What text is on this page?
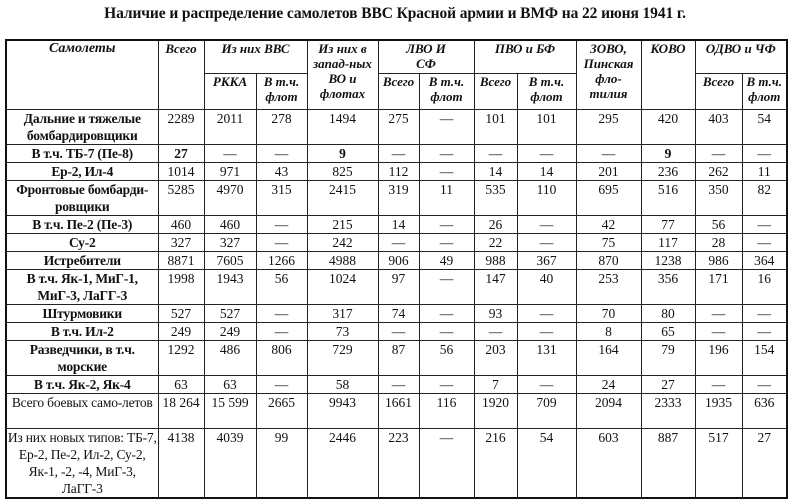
Наличие и распределение самолетов ВВС Красной армии и ВМФ на 22 июня 1941 г.
Самолеты	Всего	Из них ВВС		Из них в запад-ных ВО и флотах	ЛВО И СФ		ПВО и БФ		ЗОВО, Пинская фло-тилия	КОВО	ОДВО и ЧФ	
		РККА	В т.ч. флот		Всего	В т.ч. флот	Всего	В т.ч. флот			Всего	В т.ч. флот
Дальние и тяжелые бомбардировщики	2289	2011	278	1494	275	—	101	101	295	420	403	54
В т.ч. ТБ-7 (Пе-8)	27	—	—	9	—	—	—	—	—	9	—	—
Ер-2, Ил-4	1014	971	43	825	112	—	14	14	201	236	262	11
Фронтовые бомбарди-ровщики	5285	4970	315	2415	319	11	535	110	695	516	350	82
В т.ч. Пе-2 (Пе-3)	460	460	—	215	14	—	26	—	42	77	56	—
Су-2	327	327	—	242	—	—	22	—	75	117	28	—
Истребители	8871	7605	1266	4988	906	49	988	367	870	1238	986	364
В т.ч. Як-1, МиГ-1, МиГ-3, ЛаГГ-3	1998	1943	56	1024	97	—	147	40	253	356	171	16
Штурмовики	527	527	—	317	74	—	93	—	70	80	—	—
В т.ч. Ил-2	249	249	—	73	—	—	—	—	8	65	—	—
Разведчики, в т.ч. морские	1292	486	806	729	87	56	203	131	164	79	196	154
В т.ч. Як-2, Як-4	63	63	—	58	—	—	7	—	24	27	—	—
Всего боевых само-летов	18 264	15 599	2665	9943	1661	116	1920	709	2094	2333	1935	636
Из них новых типов: ТБ-7, Ер-2, Пе-2, Ил-2, Су-2, Як-1, -2, -4, МиГ-3, ЛаГГ-3	4138	4039	99	2446	223	—	216	54	603	887	517	27
